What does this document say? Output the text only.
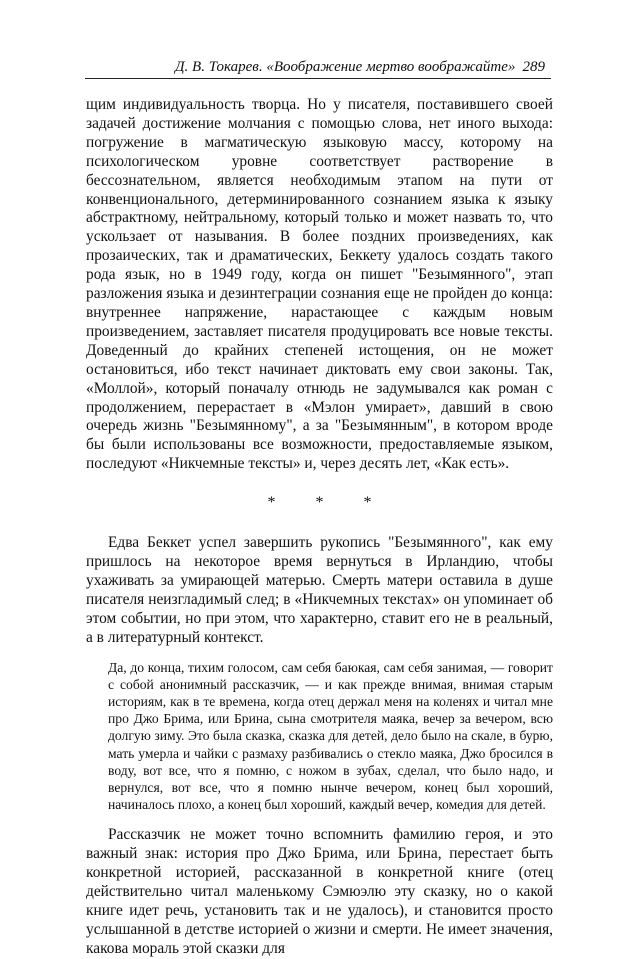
Д. В. Токарев. «Воображение мертво воображайте» 289

щим индивидуальность творца. Но у писателя, поставившего своей задачей достижение молчания с помощью слова, нет иного выхода: погружение в магматическую языковую массу, которому на психологическом уровне соответствует растворение в бессознательном, является необходимым этапом на пути от конвенционального, детерминированного сознанием языка к языку абстрактному, нейтральному, который только и может назвать то, что ускользает от называния. В более поздних произведениях, как прозаических, так и драматических, Беккету удалось создать такого рода язык, но в 1949 году, когда он пишет "Безымянного", этап разложения языка и дезинтеграции сознания еще не пройден до конца: внутреннее напряжение, нарастающее с каждым новым произведением, заставляет писателя продуцировать все новые тексты. Доведенный до крайних степеней истощения, он не может остановиться, ибо текст начинает диктовать ему свои законы. Так, «Моллой», который поначалу отнюдь не задумывался как роман с продолжением, перерастает в «Мэлон умирает», давший в свою очередь жизнь "Безымянному", а за "Безымянным", в котором вроде бы были использованы все возможности, предоставляемые языком, последуют «Никчемные тексты» и, через десять лет, «Как есть».

* * *

Едва Беккет успел завершить рукопись "Безымянного", как ему пришлось на некоторое время вернуться в Ирландию, чтобы ухаживать за умирающей матерью. Смерть матери оставила в душе писателя неизгладимый след; в «Никчемных текстах» он упоминает об этом событии, но при этом, что характерно, ставит его не в реальный, а в литературный контекст.

Да, до конца, тихим голосом, сам себя баюкая, сам себя занимая, — говорит с собой анонимный рассказчик, — и как прежде внимая, внимая старым историям, как в те времена, когда отец держал меня на коленях и читал мне про Джо Брима, или Брина, сына смотрителя маяка, вечер за вечером, всю долгую зиму. Это была сказка, сказка для детей, дело было на скале, в бурю, мать умерла и чайки с размаху разбивались о стекло маяка, Джо бросился в воду, вот все, что я помню, с ножом в зубах, сделал, что было надо, и вернулся, вот все, что я помню нынче вечером, конец был хороший, начиналось плохо, а конец был хороший, каждый вечер, комедия для детей.

Рассказчик не может точно вспомнить фамилию героя, и это важный знак: история про Джо Брима, или Брина, перестает быть конкретной историей, рассказанной в конкретной книге (отец действительно читал маленькому Сэмюэлю эту сказку, но о какой книге идет речь, установить так и не удалось), и становится просто услышанной в детстве историей о жизни и смерти. Не имеет значения, какова мораль этой сказки для
